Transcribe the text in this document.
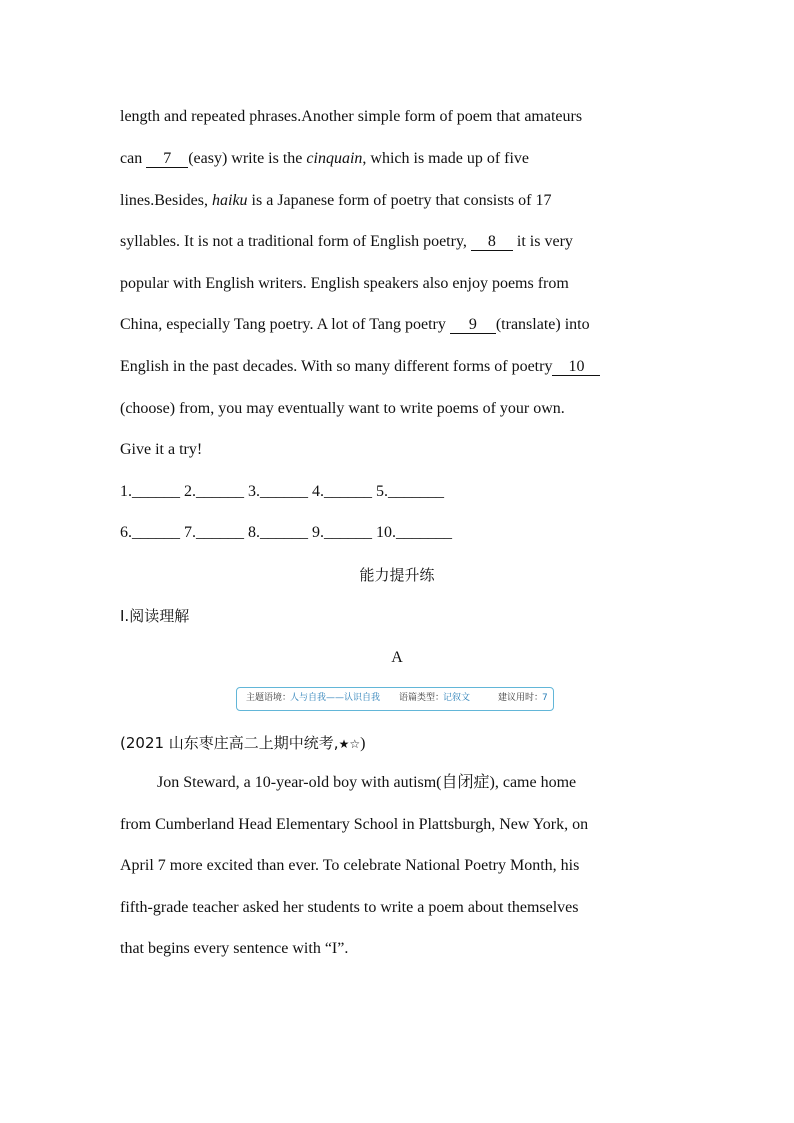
length and repeated phrases.Another simple form of poem that amateurs
can 7 (easy) write is the cinquain, which is made up of five
lines.Besides, haiku is a Japanese form of poetry that consists of 17
syllables. It is not a traditional form of English poetry, 8 it is very
popular with English writers. English speakers also enjoy poems from
China, especially Tang poetry. A lot of Tang poetry 9 (translate) into
English in the past decades. With so many different forms of poetry 10
(choose) from, you may eventually want to write poems of your own.
Give it a try!
1.______ 2.______ 3.______ 4.______ 5._______
6.______ 7.______ 8.______ 9.______ 10._______
能力提升练
Ⅰ.阅读理解
A
主题语境：
人与自我——认识自我 语篇类型：
记叙文	建议用时：
7
(2021 山东枣庄高二上期中统考,★☆)
Jon Steward, a 10-year-old boy with autism(自闭症), came home
from Cumberland Head Elementary School in Plattsburgh, New York, on
April 7 more excited than ever. To celebrate National Poetry Month, his
fifth-grade teacher asked her students to write a poem about themselves
that begins every sentence with “I”.
